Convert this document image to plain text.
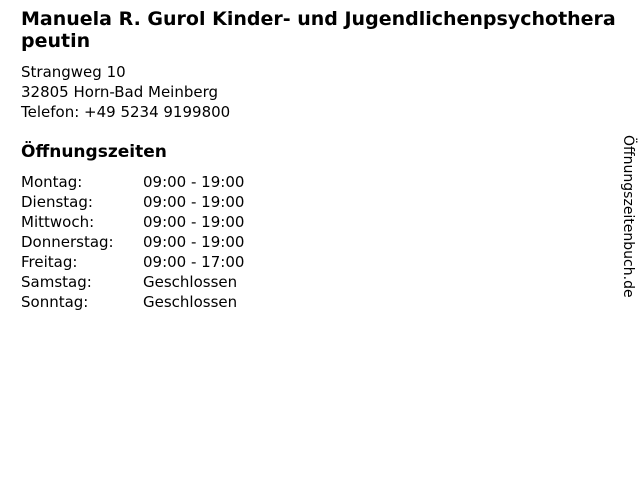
Manuela R. Gurol Kinder- und Jugendlichenpsychotherapeutin
Strangweg 10
32805 Horn-Bad Meinberg
Telefon: +49 5234 9199800
Öffnungszeiten
Montag:	09:00 - 19:00
Dienstag:	09:00 - 19:00
Mittwoch:	09:00 - 19:00
Donnerstag:	09:00 - 19:00
Freitag:	09:00 - 17:00
Samstag:	Geschlossen
Sonntag:	Geschlossen
Öffnungszeitenbuch.de
